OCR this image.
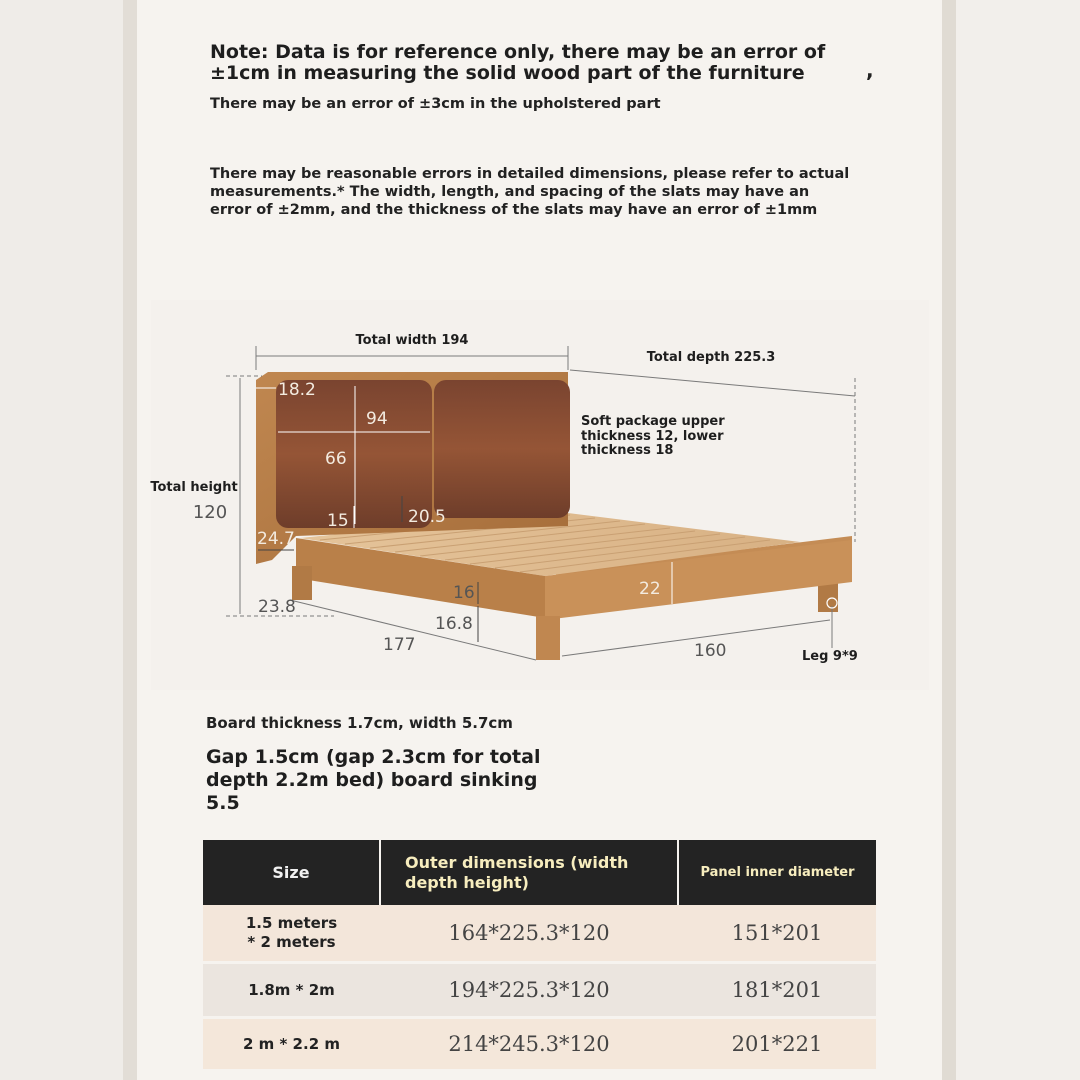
Note: Data is for reference only, there may be an error of ±1cm in measuring the solid wood part of the furniture	,
There may be an error of ±3cm in the upholstered part
There may be reasonable errors in detailed dimensions, please refer to actual measurements.* The width, length, and spacing of the slats may have an error of ±2mm, and the thickness of the slats may have an error of ±1mm
Total width 194
Total depth 225.3
Total height
120
Soft package upper
thickness 12, lower
thickness 18
Leg 9*9
18.2
94
66
15	20.5
24.7
23.8
16
16.8
22
177	160
Board thickness 1.7cm, width 5.7cm
Gap 1.5cm (gap 2.3cm for total depth 2.2m bed) board sinking 5.5
Size	Outer dimensions (width depth height)	Panel inner diameter
1.5 meters
* 2 meters	164*225.3*120	151*201
1.8m * 2m	194*225.3*120	181*201
2 m * 2.2 m	214*245.3*120	201*221
